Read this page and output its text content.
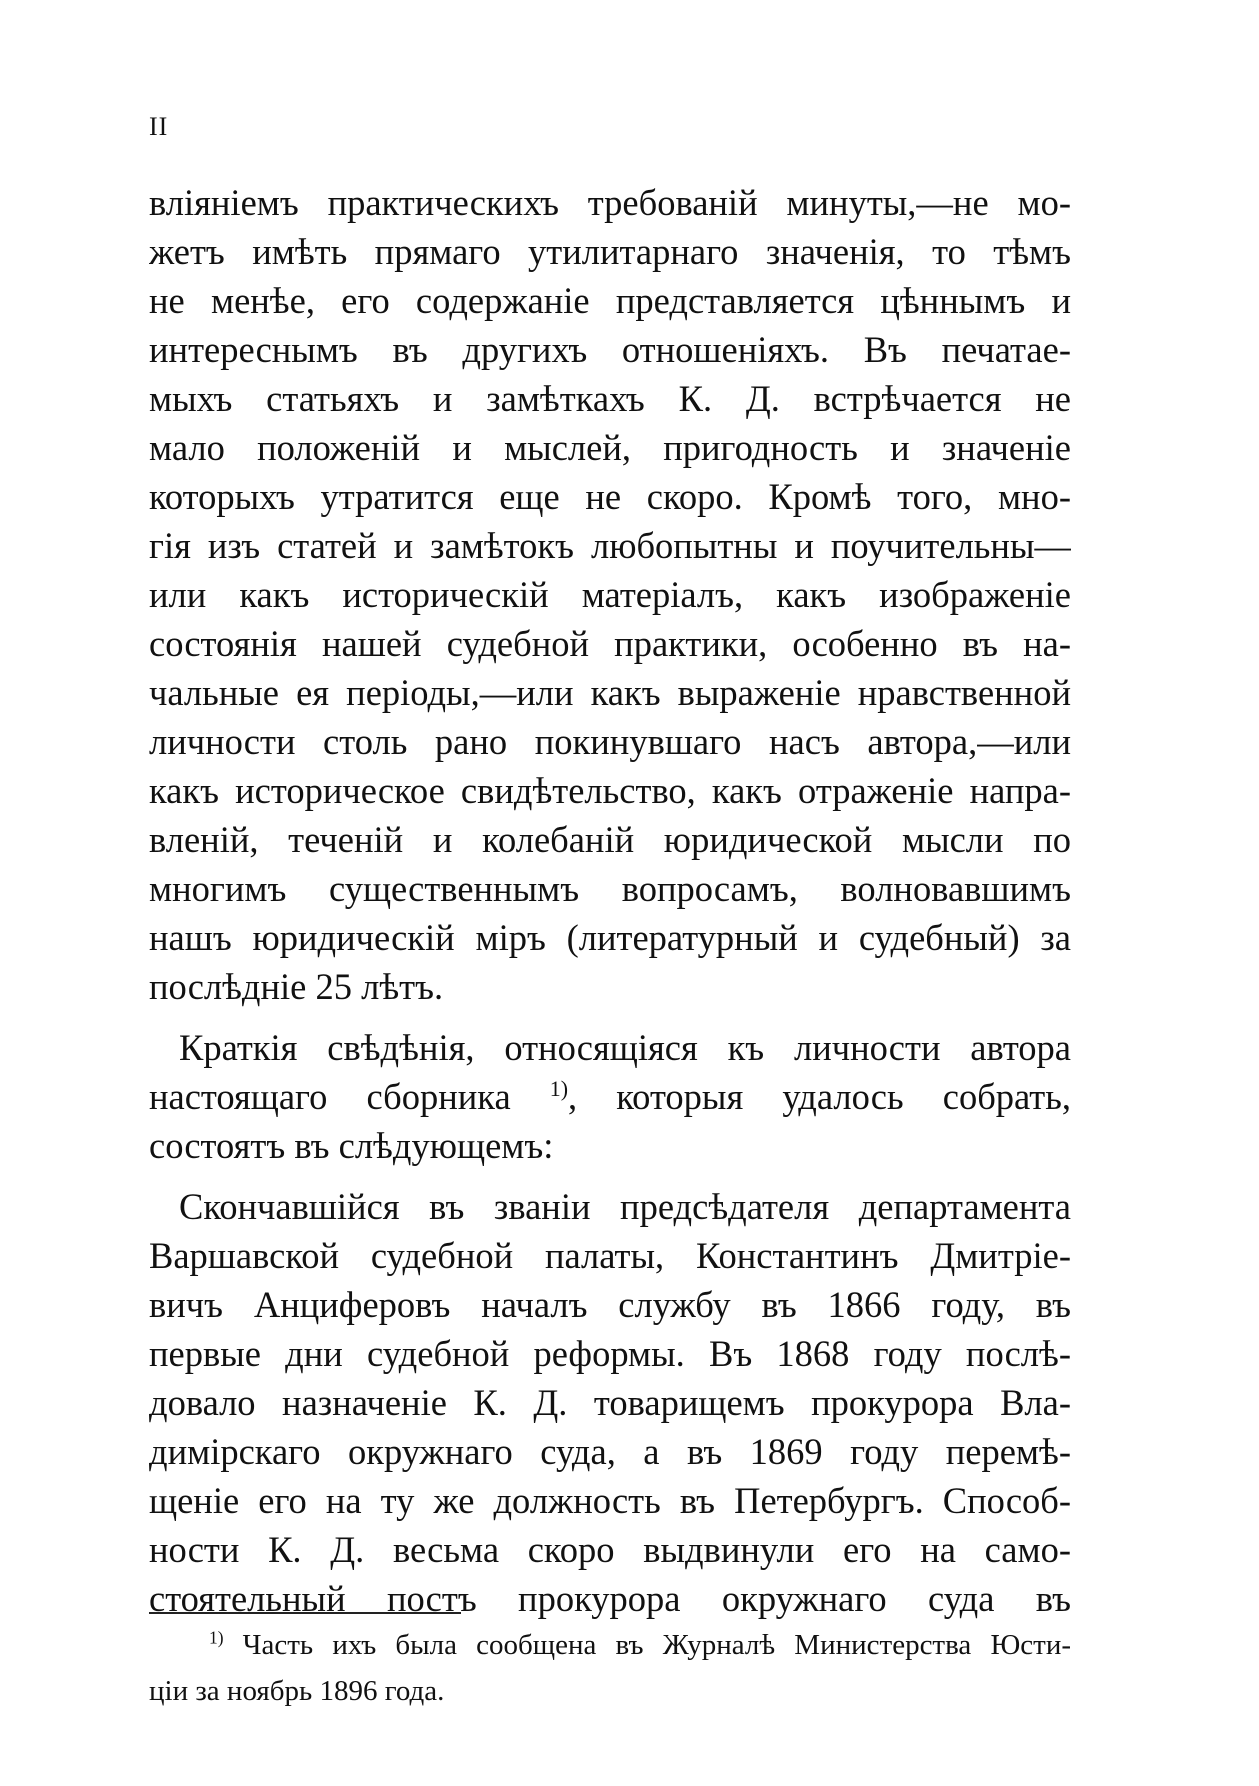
II
вліяніемъ практическихъ требованій минуты,—не мо-
жетъ имѣть прямаго утилитарнаго значенія, то тѣмъ
не менѣе, его содержаніе представляется цѣннымъ и
интереснымъ въ другихъ отношеніяхъ. Въ печатае-
мыхъ статьяхъ и замѣткахъ К. Д. встрѣчается не
мало положеній и мыслей, пригодность и значеніе
которыхъ утратится еще не скоро. Кромѣ того, мно-
гія изъ статей и замѣтокъ любопытны и поучительны—
или какъ историческій матеріалъ, какъ изображеніе
состоянія нашей судебной практики, особенно въ на-
чальные ея періоды,—или какъ выраженіе нравственной
личности столь рано покинувшаго насъ автора,—или
какъ историческое свидѣтельство, какъ отраженіе напра-
вленій, теченій и колебаній юридической мысли по
многимъ существеннымъ вопросамъ, волновавшимъ
нашъ юридическій міръ (литературный и судебный) за
послѣдніе 25 лѣтъ.
Краткія свѣдѣнія, относящіяся къ личности автора
настоящаго сборника $^{1)}$, которыя удалось собрать,
состоятъ въ слѣдующемъ:
Скончавшійся въ званіи предсѣдателя департамента
Варшавской судебной палаты, Константинъ Дмитріе-
вичъ Анциферовъ началъ службу въ 1866 году, въ
первые дни судебной реформы. Въ 1868 году послѣ-
довало назначеніе К. Д. товарищемъ прокурора Вла-
димірскаго окружнаго суда, а въ 1869 году перемѣ-
щеніе его на ту же должность въ Петербургъ. Способ-
ности К. Д. весьма скоро выдвинули его на само-
стоятельный постъ прокурора окружнаго суда въ
$^{1)}$ Часть ихъ была сообщена въ Журналѣ Министерства Юсти-
ціи за ноябрь 1896 года.
